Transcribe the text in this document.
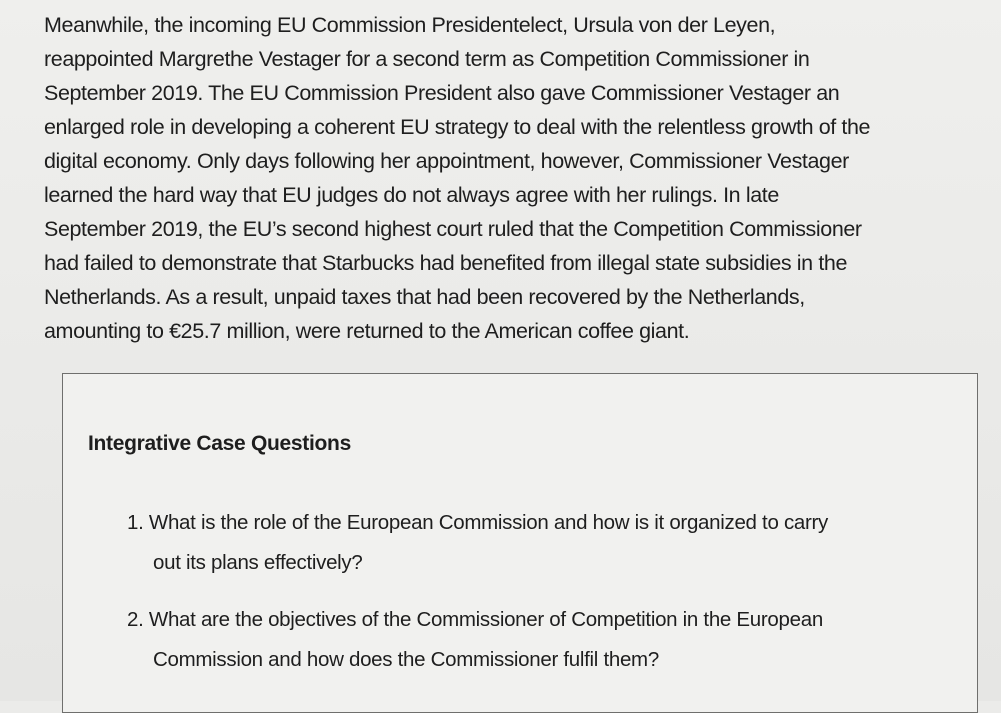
Meanwhile, the incoming EU Commission Presidentelect, Ursula von der Leyen,
reappointed Margrethe Vestager for a second term as Competition Commissioner in
September 2019. The EU Commission President also gave Commissioner Vestager an
enlarged role in developing a coherent EU strategy to deal with the relentless growth of the
digital economy. Only days following her appointment, however, Commissioner Vestager
learned the hard way that EU judges do not always agree with her rulings. In late
September 2019, the EU’s second highest court ruled that the Competition Commissioner
had failed to demonstrate that Starbucks had benefited from illegal state subsidies in the
Netherlands. As a result, unpaid taxes that had been recovered by the Netherlands,
amounting to €25.7 million, were returned to the American coffee giant.
Integrative Case Questions
1. What is the role of the European Commission and how is it organized to carry
out its plans effectively?
2. What are the objectives of the Commissioner of Competition in the European
Commission and how does the Commissioner fulfil them?
